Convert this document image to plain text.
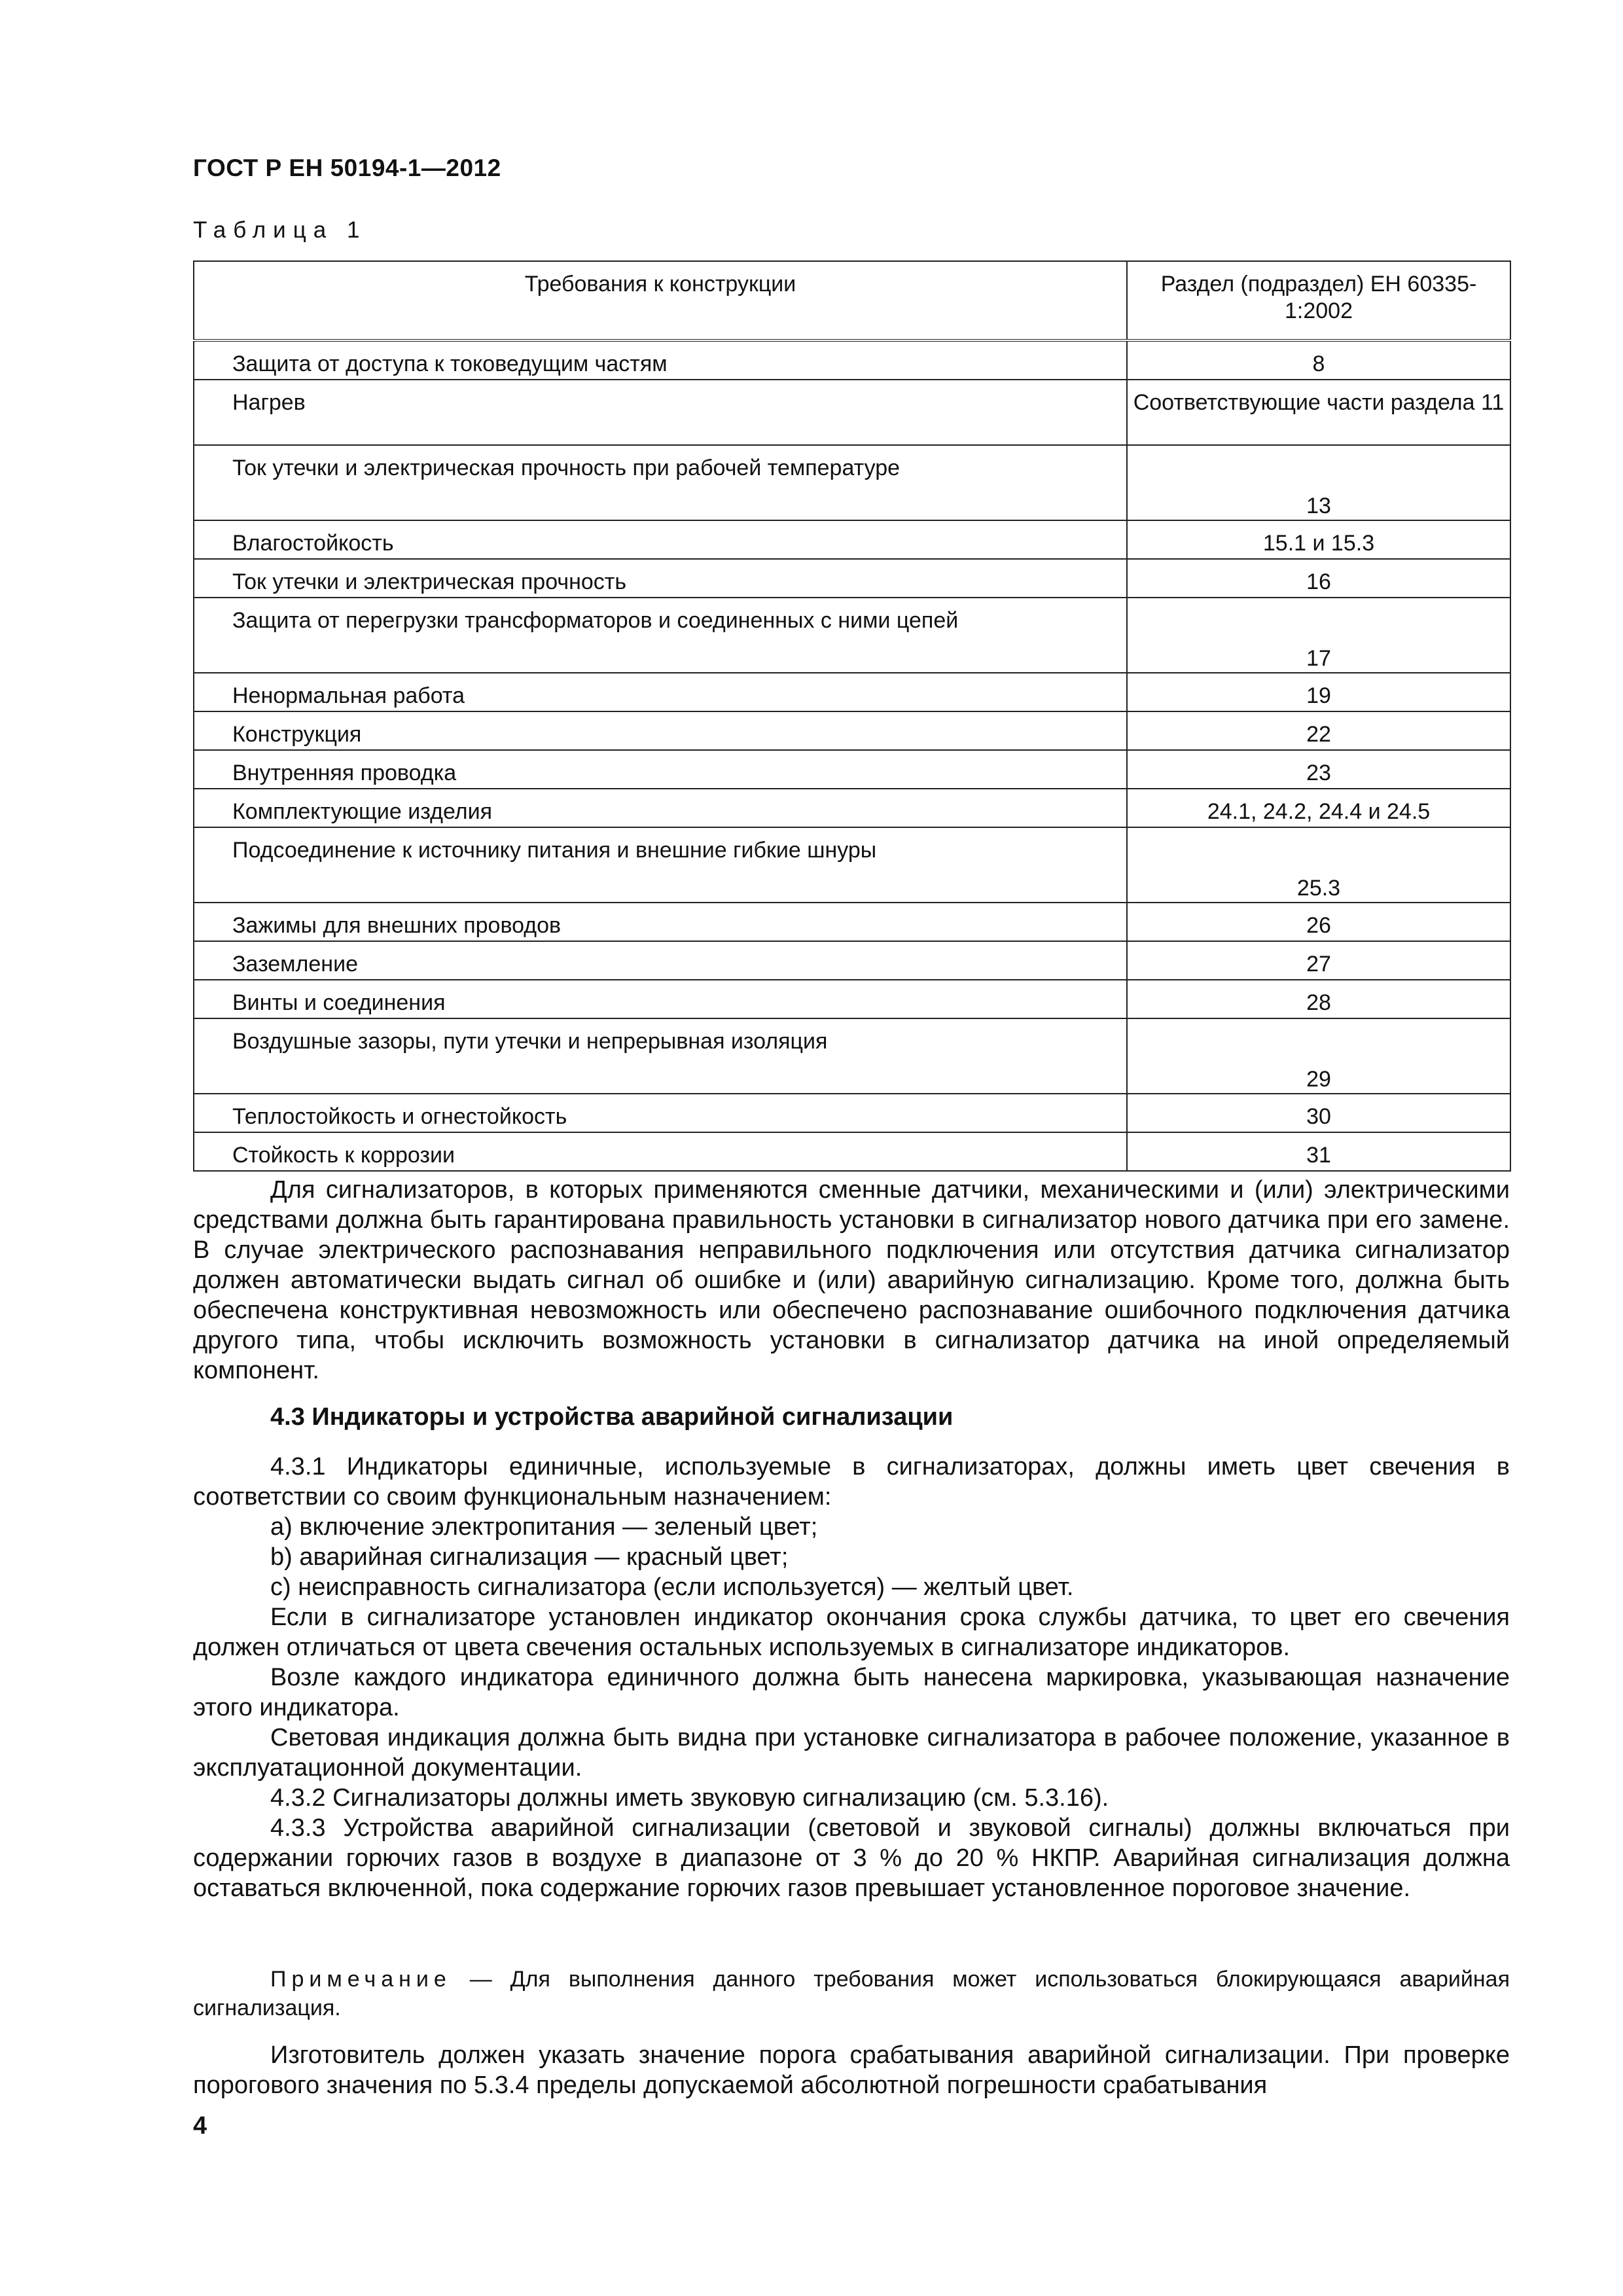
ГОСТ Р ЕН 50194-1—2012
Таблица 1
Требования к конструкции	Раздел (подраздел) ЕН 60335-1:2002
Защита от доступа к токоведущим частям	8
Нагрев	Соответствующие части раздела 11
Ток утечки и электрическая прочность при рабочей температуре	13
Влагостойкость	15.1 и 15.3
Ток утечки и электрическая прочность	16
Защита от перегрузки трансформаторов и соединенных с ними цепей	17
Ненормальная работа	19
Конструкция	22
Внутренняя проводка	23
Комплектующие изделия	24.1, 24.2, 24.4 и 24.5
Подсоединение к источнику питания и внешние гибкие шнуры	25.3
Зажимы для внешних проводов	26
Заземление	27
Винты и соединения	28
Воздушные зазоры, пути утечки и непрерывная изоляция	29
Теплостойкость и огнестойкость	30
Стойкость к коррозии	31

Для сигнализаторов, в которых применяются сменные датчики, механическими и (или) электрическими средствами должна быть гарантирована правильность установки в сигнализатор нового датчика при его замене. В случае электрического распознавания неправильного подключения или отсутствия датчика сигнализатор должен автоматически выдать сигнал об ошибке и (или) аварийную сигнализацию. Кроме того, должна быть обеспечена конструктивная невозможность или обеспечено распознавание ошибочного подключения датчика другого типа, чтобы исключить возможность установки в сигнализатор датчика на иной определяемый компонент.

4.3 Индикаторы и устройства аварийной сигнализации

4.3.1 Индикаторы единичные, используемые в сигнализаторах, должны иметь цвет свечения в соответствии со своим функциональным назначением:

a) включение электропитания — зеленый цвет;

b) аварийная сигнализация — красный цвет;

c) неисправность сигнализатора (если используется) — желтый цвет.

Если в сигнализаторе установлен индикатор окончания срока службы датчика, то цвет его свечения должен отличаться от цвета свечения остальных используемых в сигнализаторе индикаторов.

Возле каждого индикатора единичного должна быть нанесена маркировка, указывающая назначение этого индикатора.

Световая индикация должна быть видна при установке сигнализатора в рабочее положение, указанное в эксплуатационной документации.

4.3.2 Сигнализаторы должны иметь звуковую сигнализацию (см. 5.3.16).

4.3.3 Устройства аварийной сигнализации (световой и звуковой сигналы) должны включаться при содержании горючих газов в воздухе в диапазоне от 3 % до 20 % НКПР. Аварийная сигнализация должна оставаться включенной, пока содержание горючих газов превышает установленное пороговое значение.

Примечание — Для выполнения данного требования может использоваться блокирующаяся аварийная сигнализация.

Изготовитель должен указать значение порога срабатывания аварийной сигнализации. При проверке порогового значения по 5.3.4 пределы допускаемой абсолютной погрешности срабатывания

4
